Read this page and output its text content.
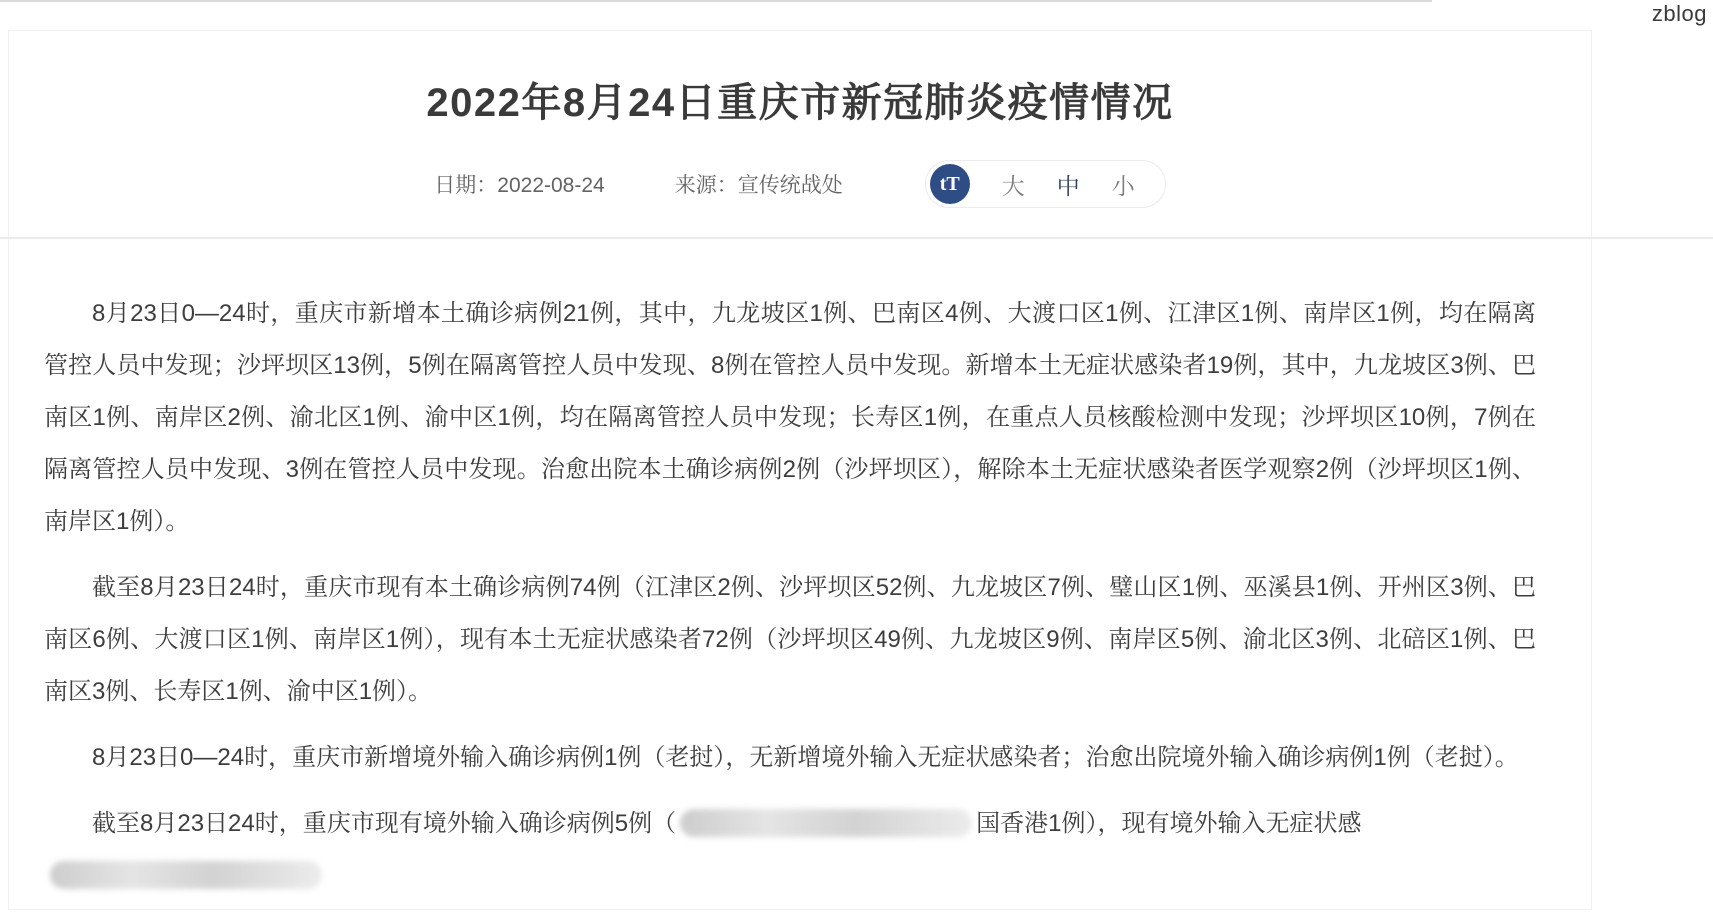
zblog
2022年8月24日重庆市新冠肺炎疫情情况
日期：2022-08-24	来源：宣传统战处	tT	大 中 小

8月23日0—24时，重庆市新增本土确诊病例21例，其中，九龙坡区1例、巴南区4例、大渡口区1例、江津区1例、南岸区1例，均在隔离管控人员中发现；沙坪坝区13例，5例在隔离管控人员中发现、8例在管控人员中发现。新增本土无症状感染者19例，其中，九龙坡区3例、巴南区1例、南岸区2例、渝北区1例、渝中区1例，均在隔离管控人员中发现；长寿区1例，在重点人员核酸检测中发现；沙坪坝区10例，7例在隔离管控人员中发现、3例在管控人员中发现。治愈出院本土确诊病例2例（沙坪坝区），解除本土无症状感染者医学观察2例（沙坪坝区1例、南岸区1例）。

截至8月23日24时，重庆市现有本土确诊病例74例（江津区2例、沙坪坝区52例、九龙坡区7例、璧山区1例、巫溪县1例、开州区3例、巴南区6例、大渡口区1例、南岸区1例），现有本土无症状感染者72例（沙坪坝区49例、九龙坡区9例、南岸区5例、渝北区3例、北碚区1例、巴南区3例、长寿区1例、渝中区1例）。

8月23日0—24时，重庆市新增境外输入确诊病例1例（老挝），无新增境外输入无症状感染者；治愈出院境外输入确诊病例1例（老挝）。

截至8月23日24时，重庆市现有境外输入确诊病例5例（	国香港1例），现有境外输入无症状感
